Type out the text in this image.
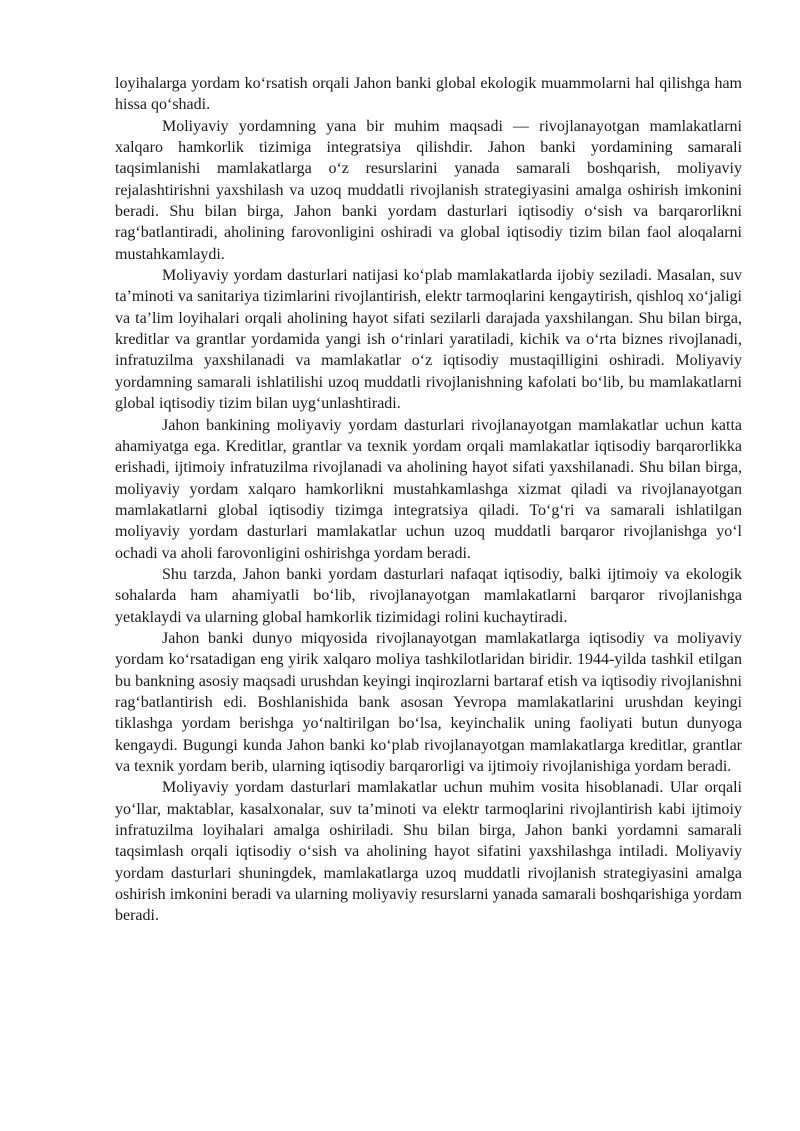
loyihalarga yordam ko‘rsatish orqali Jahon banki global ekologik muammolarni hal qilishga ham hissa qo‘shadi.

Moliyaviy yordamning yana bir muhim maqsadi — rivojlanayotgan mamlakatlarni xalqaro hamkorlik tizimiga integratsiya qilishdir. Jahon banki yordamining samarali taqsimlanishi mamlakatlarga o‘z resurslarini yanada samarali boshqarish, moliyaviy rejalashtirishni yaxshilash va uzoq muddatli rivojlanish strategiyasini amalga oshirish imkonini beradi. Shu bilan birga, Jahon banki yordam dasturlari iqtisodiy o‘sish va barqarorlikni rag‘batlantiradi, aholining farovonligini oshiradi va global iqtisodiy tizim bilan faol aloqalarni mustahkamlaydi.

Moliyaviy yordam dasturlari natijasi ko‘plab mamlakatlarda ijobiy seziladi. Masalan, suv ta’minoti va sanitariya tizimlarini rivojlantirish, elektr tarmoqlarini kengaytirish, qishloq xo‘jaligi va ta’lim loyihalari orqali aholining hayot sifati sezilarli darajada yaxshilangan. Shu bilan birga, kreditlar va grantlar yordamida yangi ish o‘rinlari yaratiladi, kichik va o‘rta biznes rivojlanadi, infratuzilma yaxshilanadi va mamlakatlar o‘z iqtisodiy mustaqilligini oshiradi. Moliyaviy yordamning samarali ishlatilishi uzoq muddatli rivojlanishning kafolati bo‘lib, bu mamlakatlarni global iqtisodiy tizim bilan uyg‘unlashtiradi.

Jahon bankining moliyaviy yordam dasturlari rivojlanayotgan mamlakatlar uchun katta ahamiyatga ega. Kreditlar, grantlar va texnik yordam orqali mamlakatlar iqtisodiy barqarorlikka erishadi, ijtimoiy infratuzilma rivojlanadi va aholining hayot sifati yaxshilanadi. Shu bilan birga, moliyaviy yordam xalqaro hamkorlikni mustahkamlashga xizmat qiladi va rivojlanayotgan mamlakatlarni global iqtisodiy tizimga integratsiya qiladi. To‘g‘ri va samarali ishlatilgan moliyaviy yordam dasturlari mamlakatlar uchun uzoq muddatli barqaror rivojlanishga yo‘l ochadi va aholi farovonligini oshirishga yordam beradi.

Shu tarzda, Jahon banki yordam dasturlari nafaqat iqtisodiy, balki ijtimoiy va ekologik sohalarda ham ahamiyatli bo‘lib, rivojlanayotgan mamlakatlarni barqaror rivojlanishga yetaklaydi va ularning global hamkorlik tizimidagi rolini kuchaytiradi.

Jahon banki dunyo miqyosida rivojlanayotgan mamlakatlarga iqtisodiy va moliyaviy yordam ko‘rsatadigan eng yirik xalqaro moliya tashkilotlaridan biridir. 1944-yilda tashkil etilgan bu bankning asosiy maqsadi urushdan keyingi inqirozlarni bartaraf etish va iqtisodiy rivojlanishni rag‘batlantirish edi. Boshlanishida bank asosan Yevropa mamlakatlarini urushdan keyingi tiklashga yordam berishga yo‘naltirilgan bo‘lsa, keyinchalik uning faoliyati butun dunyoga kengaydi. Bugungi kunda Jahon banki ko‘plab rivojlanayotgan mamlakatlarga kreditlar, grantlar va texnik yordam berib, ularning iqtisodiy barqarorligi va ijtimoiy rivojlanishiga yordam beradi.

Moliyaviy yordam dasturlari mamlakatlar uchun muhim vosita hisoblanadi. Ular orqali yo‘llar, maktablar, kasalxonalar, suv ta’minoti va elektr tarmoqlarini rivojlantirish kabi ijtimoiy infratuzilma loyihalari amalga oshiriladi. Shu bilan birga, Jahon banki yordamni samarali taqsimlash orqali iqtisodiy o‘sish va aholining hayot sifatini yaxshilashga intiladi. Moliyaviy yordam dasturlari shuningdek, mamlakatlarga uzoq muddatli rivojlanish strategiyasini amalga oshirish imkonini beradi va ularning moliyaviy resurslarni yanada samarali boshqarishiga yordam beradi.
